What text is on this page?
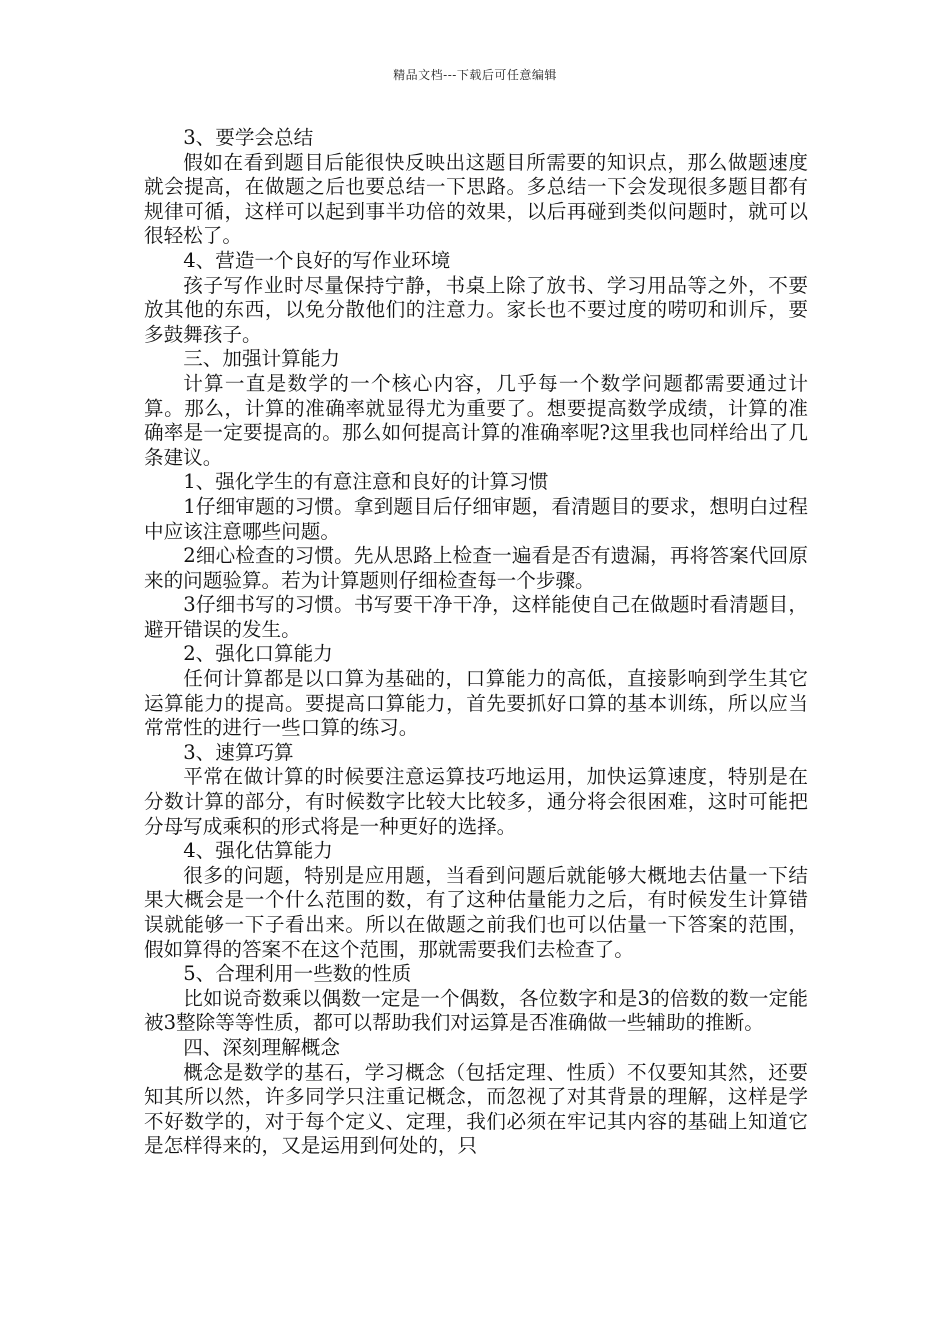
精品文档---下载后可任意编辑

3、要学会总结

假如在看到题目后能很快反映出这题目所需要的知识点，那么做题速度就会提高，在做题之后也要总结一下思路。多总结一下会发现很多题目都有规律可循，这样可以起到事半功倍的效果，以后再碰到类似问题时，就可以很轻松了。

4、营造一个良好的写作业环境

孩子写作业时尽量保持宁静，书桌上除了放书、学习用品等之外，不要放其他的东西，以免分散他们的注意力。家长也不要过度的唠叨和训斥，要多鼓舞孩子。

三、加强计算能力

计算一直是数学的一个核心内容，几乎每一个数学问题都需要通过计算。那么，计算的准确率就显得尤为重要了。想要提高数学成绩，计算的准确率是一定要提高的。那么如何提高计算的准确率呢?这里我也同样给出了几条建议。

1、强化学生的有意注意和良好的计算习惯

1仔细审题的习惯。拿到题目后仔细审题，看清题目的要求，想明白过程中应该注意哪些问题。

2细心检查的习惯。先从思路上检查一遍看是否有遗漏，再将答案代回原来的问题验算。若为计算题则仔细检查每一个步骤。

3仔细书写的习惯。书写要干净干净，这样能使自己在做题时看清题目，避开错误的发生。

2、强化口算能力

任何计算都是以口算为基础的，口算能力的高低，直接影响到学生其它运算能力的提高。要提高口算能力，首先要抓好口算的基本训练，所以应当常常性的进行一些口算的练习。

3、速算巧算

平常在做计算的时候要注意运算技巧地运用，加快运算速度，特别是在分数计算的部分，有时候数字比较大比较多，通分将会很困难，这时可能把分母写成乘积的形式将是一种更好的选择。

4、强化估算能力

很多的问题，特别是应用题，当看到问题后就能够大概地去估量一下结果大概会是一个什么范围的数，有了这种估量能力之后，有时候发生计算错误就能够一下子看出来。所以在做题之前我们也可以估量一下答案的范围，假如算得的答案不在这个范围，那就需要我们去检查了。

5、合理利用一些数的性质

比如说奇数乘以偶数一定是一个偶数，各位数字和是3的倍数的数一定能被3整除等等性质，都可以帮助我们对运算是否准确做一些辅助的推断。

四、深刻理解概念

概念是数学的基石，学习概念（包括定理、性质）不仅要知其然，还要知其所以然，许多同学只注重记概念，而忽视了对其背景的理解，这样是学不好数学的，对于每个定义、定理，我们必须在牢记其内容的基础上知道它是怎样得来的，又是运用到何处的，只
